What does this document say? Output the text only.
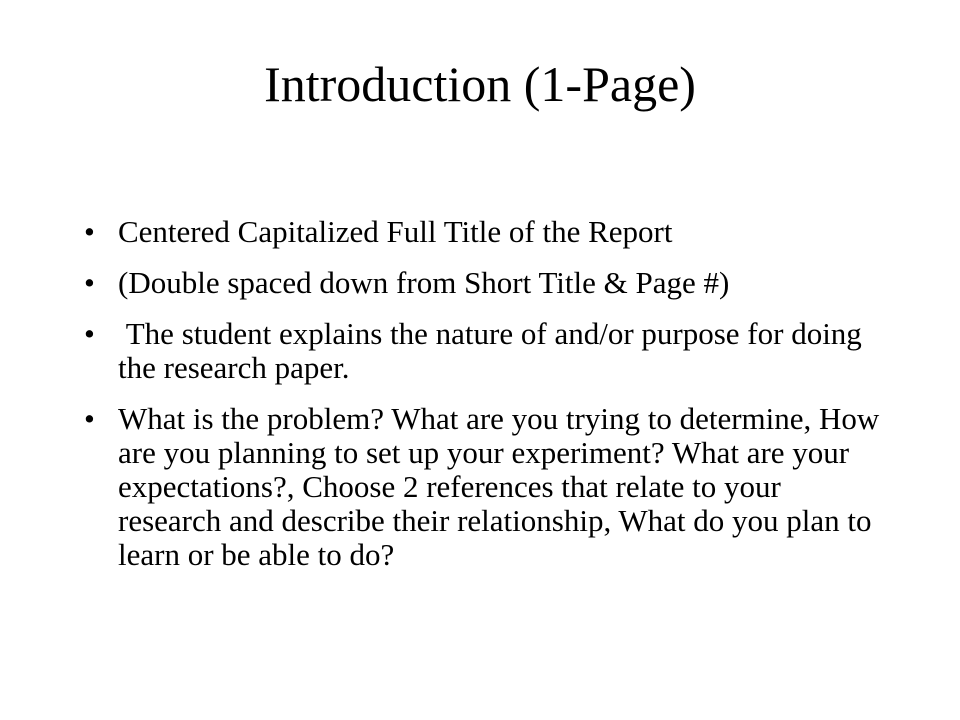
Introduction (1-Page)
• Centered Capitalized Full Title of the Report
• (Double spaced down from Short Title & Page #)
• The student explains the nature of and/or purpose for doing the research paper.
• What is the problem? What are you trying to determine, How are you planning to set up your experiment? What are your expectations?, Choose 2 references that relate to your research and describe their relationship, What do you plan to learn or be able to do?
